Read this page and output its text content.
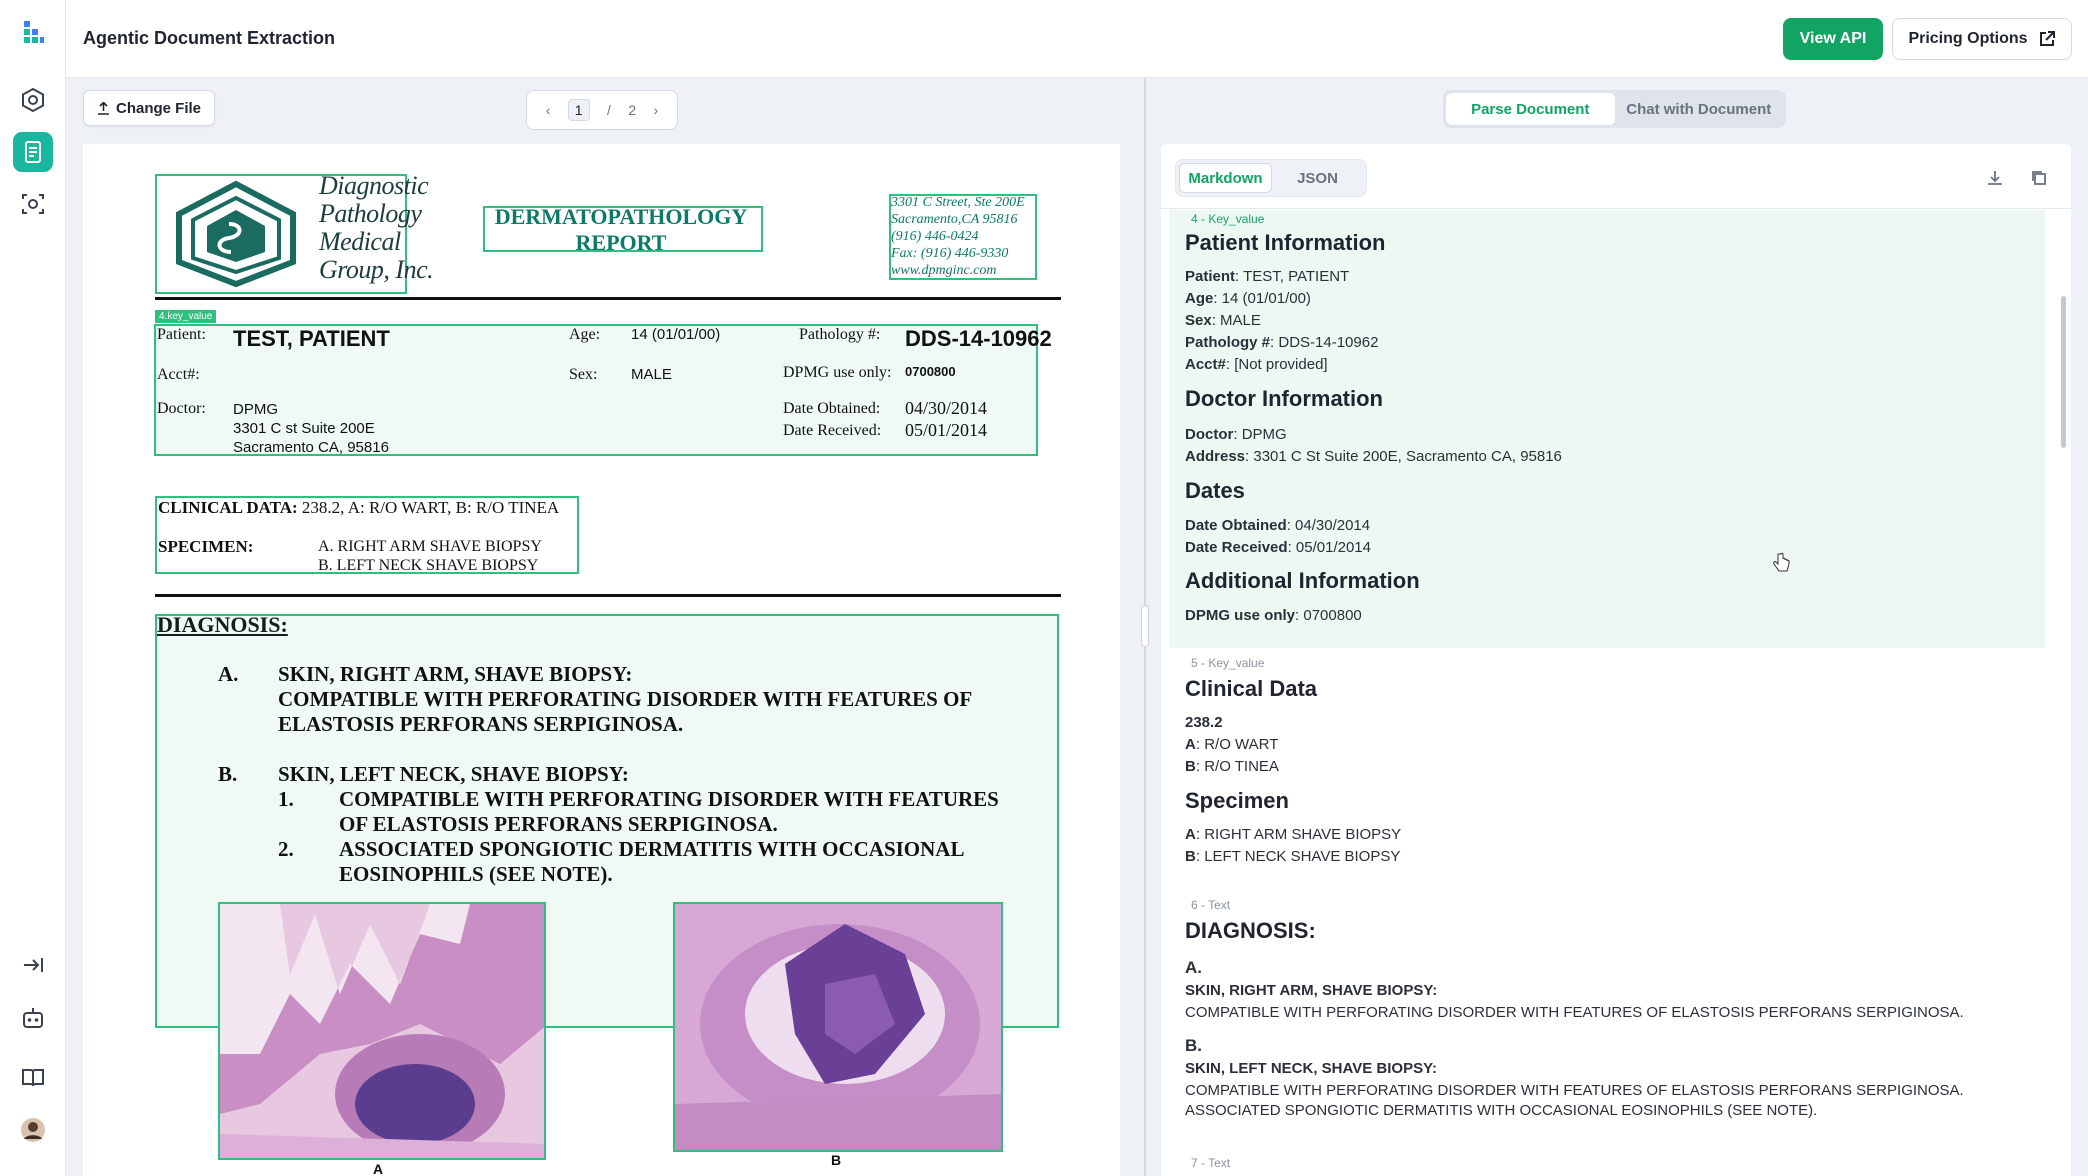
Agentic Document Extraction	View API	Pricing Options
Change File	‹	1	/ 2 ›
Diagnostic
Pathology
Medical
Group, Inc.
DERMATOPATHOLOGY
REPORT
3301 C Street, Ste 200E
Sacramento,CA 95816
(916) 446-0424
Fax: (916) 446-9330
www.dpmginc.com
4.key_value
Patient: TEST, PATIENT	Age: 14 (01/01/00)	Pathology #: DDS-14-10962
Acct#:	Sex: MALE	DPMG use only: 0700800
Doctor: DPMG
3301 C st Suite 200E
Sacramento CA, 95816
Date Obtained: 04/30/2014
Date Received: 05/01/2014
CLINICAL DATA: 238.2, A: R/O WART, B: R/O TINEA
SPECIMEN:	A. RIGHT ARM SHAVE BIOPSY
B. LEFT NECK SHAVE BIOPSY
DIAGNOSIS:
A. SKIN, RIGHT ARM, SHAVE BIOPSY:
COMPATIBLE WITH PERFORATING DISORDER WITH FEATURES OF
ELASTOSIS PERFORANS SERPIGINOSA.
B. SKIN, LEFT NECK, SHAVE BIOPSY:
1. COMPATIBLE WITH PERFORATING DISORDER WITH FEATURES
OF ELASTOSIS PERFORANS SERPIGINOSA.
2. ASSOCIATED SPONGIOTIC DERMATITIS WITH OCCASIONAL
EOSINOPHILS (SEE NOTE).
A
B
Parse Document	Chat with Document
Markdown	JSON
4 - Key_value
Patient Information
Patient: TEST, PATIENT
Age: 14 (01/01/00)
Sex: MALE
Pathology #: DDS-14-10962
Acct#: [Not provided]
Doctor Information
Doctor: DPMG
Address: 3301 C St Suite 200E, Sacramento CA, 95816
Dates
Date Obtained: 04/30/2014
Date Received: 05/01/2014
Additional Information
DPMG use only: 0700800
5 - Key_value
Clinical Data
238.2
A: R/O WART
B: R/O TINEA
Specimen
A: RIGHT ARM SHAVE BIOPSY
B: LEFT NECK SHAVE BIOPSY
6 - Text
DIAGNOSIS:
A.
SKIN, RIGHT ARM, SHAVE BIOPSY:
COMPATIBLE WITH PERFORATING DISORDER WITH FEATURES OF ELASTOSIS PERFORANS SERPIGINOSA.
B.
SKIN, LEFT NECK, SHAVE BIOPSY:
COMPATIBLE WITH PERFORATING DISORDER WITH FEATURES OF ELASTOSIS PERFORANS SERPIGINOSA.
ASSOCIATED SPONGIOTIC DERMATITIS WITH OCCASIONAL EOSINOPHILS (SEE NOTE).
7 - Text
